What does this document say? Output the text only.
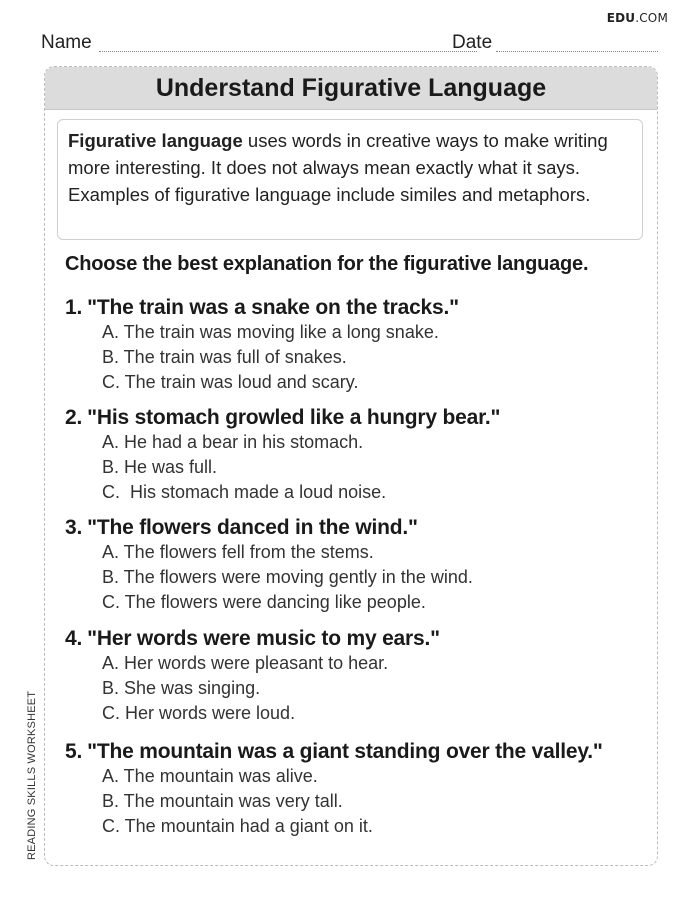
EDU.COM
Name	Date
Understand Figurative Language
Figurative language uses words in creative ways to make writing more interesting. It does not always mean exactly what it says. Examples of figurative language include similes and metaphors.
Choose the best explanation for the figurative language.
1. "The train was a snake on the tracks."
A. The train was moving like a long snake.
B. The train was full of snakes.
C. The train was loud and scary.
2. "His stomach growled like a hungry bear."
A. He had a bear in his stomach.
B. He was full.
C.  His stomach made a loud noise.
3. "The flowers danced in the wind."
A. The flowers fell from the stems.
B. The flowers were moving gently in the wind.
C. The flowers were dancing like people.
4. "Her words were music to my ears."
A. Her words were pleasant to hear.
B. She was singing.
C. Her words were loud.
5. "The mountain was a giant standing over the valley."
A. The mountain was alive.
B. The mountain was very tall.
C. The mountain had a giant on it.
READING SKILLS WORKSHEET
